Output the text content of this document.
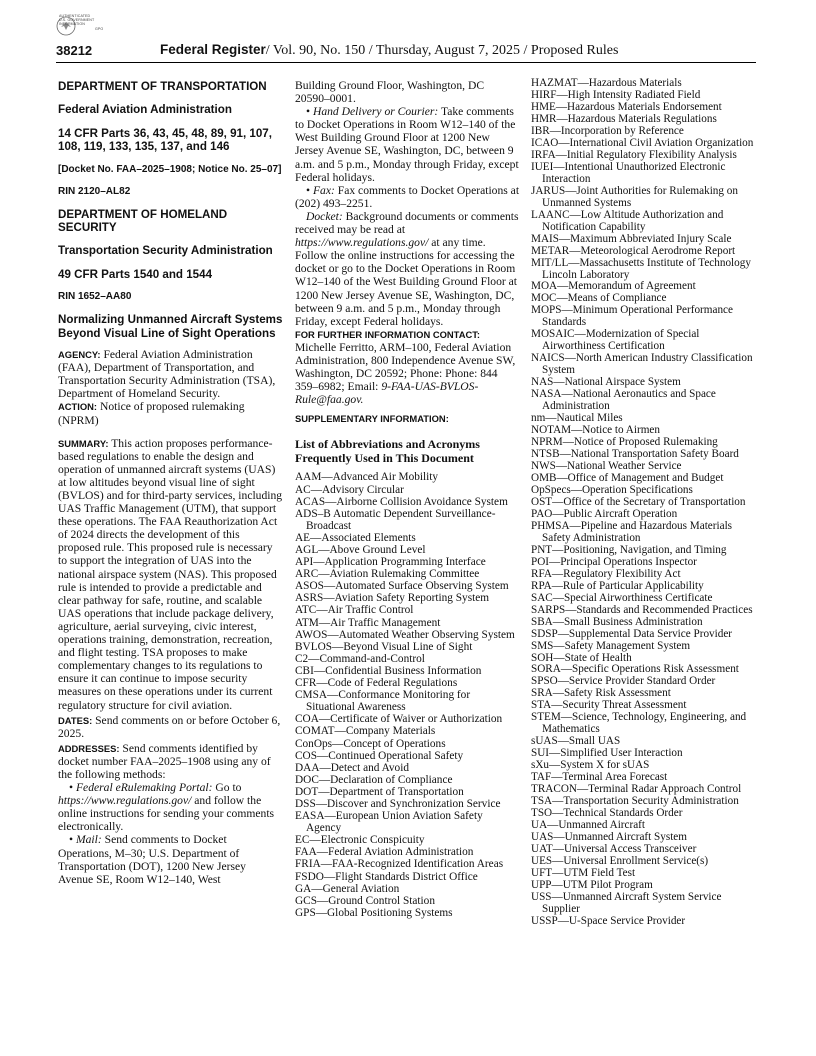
AUTHENTICATED
U.S. GOVERNMENT
INFORMATION
GPO
38212	Federal Register/ Vol. 90, No. 150 / Thursday, August 7, 2025 / Proposed Rules

DEPARTMENT OF TRANSPORTATION

Federal Aviation Administration

14 CFR Parts 36, 43, 45, 48, 89, 91, 107, 108, 119, 133, 135, 137, and 146

[Docket No. FAA–2025–1908; Notice No. 25–07]

RIN 2120–AL82

DEPARTMENT OF HOMELAND SECURITY

Transportation Security Administration

49 CFR Parts 1540 and 1544

RIN 1652–AA80

Normalizing Unmanned Aircraft Systems Beyond Visual Line of Sight Operations

AGENCY: Federal Aviation Administration (FAA), Department of Transportation, and Transportation Security Administration (TSA), Department of Homeland Security.

ACTION: Notice of proposed rulemaking (NPRM)

SUMMARY: This action proposes performance-based regulations to enable the design and operation of unmanned aircraft systems (UAS) at low altitudes beyond visual line of sight (BVLOS) and for third-party services, including UAS Traffic Management (UTM), that support these operations. The FAA Reauthorization Act of 2024 directs the development of this proposed rule. This proposed rule is necessary to support the integration of UAS into the national airspace system (NAS). This proposed rule is intended to provide a predictable and clear pathway for safe, routine, and scalable UAS operations that include package delivery, agriculture, aerial surveying, civic interest, operations training, demonstration, recreation, and flight testing. TSA proposes to make complementary changes to its regulations to ensure it can continue to impose security measures on these operations under its current regulatory structure for civil aviation.

DATES: Send comments on or before October 6, 2025.

ADDRESSES: Send comments identified by docket number FAA–2025–1908 using any of the following methods:

• Federal eRulemaking Portal: Go to https://www.regulations.gov/ and follow the online instructions for sending your comments electronically.

• Mail: Send comments to Docket Operations, M–30; U.S. Department of Transportation (DOT), 1200 New Jersey Avenue SE, Room W12–140, West

Building Ground Floor, Washington, DC 20590–0001.

• Hand Delivery or Courier: Take comments to Docket Operations in Room W12–140 of the West Building Ground Floor at 1200 New Jersey Avenue SE, Washington, DC, between 9 a.m. and 5 p.m., Monday through Friday, except Federal holidays.

• Fax: Fax comments to Docket Operations at (202) 493–2251.

Docket: Background documents or comments received may be read at https://www.regulations.gov/ at any time. Follow the online instructions for accessing the docket or go to the Docket Operations in Room W12–140 of the West Building Ground Floor at 1200 New Jersey Avenue SE, Washington, DC, between 9 a.m. and 5 p.m., Monday through Friday, except Federal holidays.

FOR FURTHER INFORMATION CONTACT:
Michelle Ferritto, ARM–100, Federal Aviation Administration, 800 Independence Avenue SW, Washington, DC 20592; Phone: Phone: 844 359–6982; Email: 9-FAA-UAS-BVLOS-Rule@faa.gov.

SUPPLEMENTARY INFORMATION:

List of Abbreviations and Acronyms Frequently Used in This Document

AAM—Advanced Air Mobility

AC—Advisory Circular

ACAS—Airborne Collision Avoidance System

ADS–B Automatic Dependent Surveillance-Broadcast

AE—Associated Elements

AGL—Above Ground Level

API—Application Programming Interface

ARC—Aviation Rulemaking Committee

ASOS—Automated Surface Observing System

ASRS—Aviation Safety Reporting System

ATC—Air Traffic Control

ATM—Air Traffic Management

AWOS—Automated Weather Observing System

BVLOS—Beyond Visual Line of Sight

C2—Command-and-Control

CBI—Confidential Business Information

CFR—Code of Federal Regulations

CMSA—Conformance Monitoring for Situational Awareness

COA—Certificate of Waiver or Authorization

COMAT—Company Materials

ConOps—Concept of Operations

COS—Continued Operational Safety

DAA—Detect and Avoid

DOC—Declaration of Compliance

DOT—Department of Transportation

DSS—Discover and Synchronization Service

EASA—European Union Aviation Safety Agency

EC—Electronic Conspicuity

FAA—Federal Aviation Administration

FRIA—FAA-Recognized Identification Areas

FSDO—Flight Standards District Office

GA—General Aviation

GCS—Ground Control Station

GPS—Global Positioning Systems

HAZMAT—Hazardous Materials

HIRF—High Intensity Radiated Field

HME—Hazardous Materials Endorsement

HMR—Hazardous Materials Regulations

IBR—Incorporation by Reference

ICAO—International Civil Aviation Organization

IRFA—Initial Regulatory Flexibility Analysis

IUEI—Intentional Unauthorized Electronic Interaction

JARUS—Joint Authorities for Rulemaking on Unmanned Systems

LAANC—Low Altitude Authorization and Notification Capability

MAIS—Maximum Abbreviated Injury Scale

METAR—Meteorological Aerodrome Report

MIT/LL—Massachusetts Institute of Technology Lincoln Laboratory

MOA—Memorandum of Agreement

MOC—Means of Compliance

MOPS—Minimum Operational Performance Standards

MOSAIC—Modernization of Special Airworthiness Certification

NAICS—North American Industry Classification System

NAS—National Airspace System

NASA—National Aeronautics and Space Administration

nm—Nautical Miles

NOTAM—Notice to Airmen

NPRM—Notice of Proposed Rulemaking

NTSB—National Transportation Safety Board

NWS—National Weather Service

OMB—Office of Management and Budget

OpSpecs—Operation Specifications

OST—Office of the Secretary of Transportation

PAO—Public Aircraft Operation

PHMSA—Pipeline and Hazardous Materials Safety Administration

PNT—Positioning, Navigation, and Timing

POI—Principal Operations Inspector

RFA—Regulatory Flexibility Act

RPA—Rule of Particular Applicability

SAC—Special Airworthiness Certificate

SARPS—Standards and Recommended Practices

SBA—Small Business Administration

SDSP—Supplemental Data Service Provider

SMS—Safety Management System

SOH—State of Health

SORA—Specific Operations Risk Assessment

SPSO—Service Provider Standard Order

SRA—Safety Risk Assessment

STA—Security Threat Assessment

STEM—Science, Technology, Engineering, and Mathematics

sUAS—Small UAS

SUI—Simplified User Interaction

sXu—System X for sUAS

TAF—Terminal Area Forecast

TRACON—Terminal Radar Approach Control

TSA—Transportation Security Administration

TSO—Technical Standards Order

UA—Unmanned Aircraft

UAS—Unmanned Aircraft System

UAT—Universal Access Transceiver

UES—Universal Enrollment Service(s)

UFT—UTM Field Test

UPP—UTM Pilot Program

USS—Unmanned Aircraft System Service Supplier

USSP—U-Space Service Provider
